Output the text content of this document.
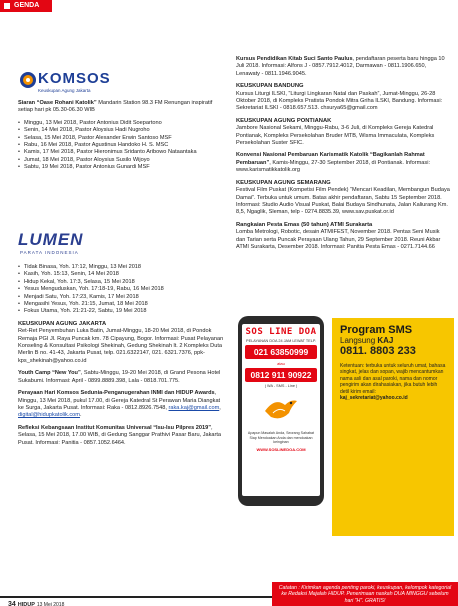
GENDA
KOMSOS
Keuskupan Agung Jakarta
LUMEN
PARATA INDONESIA

Siaran “Oase Rohani Katolik” Mandarin Station 98.3 FM Renungan inspiratif setiap hari pk 05.30-06.30 WIB

• Minggu, 13 Mei 2018, Pastor Antonius Didit Soepartono
• Senin, 14 Mei 2018, Pastor Aloysius Hadi Nugroho
• Selasa, 15 Mei 2018, Pastor Alexander Erwin Santoso MSF
• Rabu, 16 Mei 2018, Pastor Agustinus Handoko H. S. MSC
• Kamis, 17 Mei 2018, Pastor Hieronimus Sridanto Aribowo Nataantaka
• Jumat, 18 Mei 2018, Pastor Aloysius Susilo Wijoyo
• Sabtu, 19 Mei 2018, Pastor Antonius Gunardi MSF
• Tidak Binasa, Yoh. 17:12, Minggu, 13 Mei 2018
• Kasih, Yoh. 15:13, Senin, 14 Mei 2018
• Hidup Kekal, Yoh. 17:3, Selasa, 15 Mei 2018
• Yesus Menguduskan, Yoh. 17:18-19, Rabu, 16 Mei 2018
• Menjadi Satu, Yoh. 17:23, Kamis, 17 Mei 2018
• Mengasihi Yesus, Yoh. 21:15, Jumat, 18 Mei 2018
• Fokus Utama, Yoh. 21:21-22, Sabtu, 19 Mei 2018
KEUSKUPAN AGUNG JAKARTA

Ret-Ret Penyembuhan Luka Batin, Jumat-Minggu, 18-20 Mei 2018, di Pondok Remaja PGI Jl. Raya Puncak km. 78 Cipayung, Bogor. Informasi: Pusat Pelayanan Konseling & Konsultasi Psikologi Shekinah, Gedung Shekinah lt. 2 Kompleks Duta Merlin B no. 41-43, Jakarta Pusat, telp. 021.6322147, 021. 6321.7376, ppk-kps_shekinah@yahoo.co.id

Youth Camp “New You”, Sabtu-Minggu, 19-20 Mei 2018, di Grand Pesona Hotel Sukabumi. Informasi: April - 0899.8889.398, Lala - 0818.701.775.

Perayaan Hari Komsos Sedunia-Penganugerahan INMI dan HIDUP Awards, Minggu, 13 Mei 2018, pukul 17.00, di Gereja Katedral St Perawan Maria Diangkat ke Surga, Jakarta Pusat. Informasi: Raka - 0812.8926.7548, raka.kaj@gmail.com, digital@hidupkatolik.com.

Refleksi Kebangsaan Institut Komunitas Universal “Isu-Isu Pilpres 2019”, Selasa, 15 Mei 2018, 17.00 WIB, di Gedung Sanggar Prathivi Pasar Baru, Jakarta Pusat. Informasi: Panitia - 0857.1052.6464.

Kursus Pendidikan Kitab Suci Santo Paulus, pendaftaran peserta baru hingga 10 Juli 2018. Informasi: Alfons J - 0857.7912.4012, Darmawan - 0811.1906.650, Lenawaty - 0811.1946.9045.

KEUSKUPAN BANDUNG

Kursus Liturgi ILSKI, “Liturgi Lingkaran Natal dan Paskah”, Jumat-Minggu, 26-28 Oktober 2018, di Kompleks Pratista Pondok Mitra Griha ILSKI, Bandung. Informasi: Sekretariat ILSKI - 0818.657.513. chsurya65@gmail.com

KEUSKUPAN AGUNG PONTIANAK

Jambore Nasional Sekami, Minggu-Rabu, 3-6 Juli, di Kompleks Gereja Katedral Pontianak, Kompleks Persekolahan Bruder MTB, Wisma Immaculata, Kompleks Persekolahan Suster SFIC.

Konvensi Nasional Pembaruan Karismatik Katolik “Bagikanlah Rahmat Pembaruan”, Kamis-Minggu, 27-30 September 2018, di Pontianak. Informasi: www.karismatikkatolik.org

KEUSKUPAN AGUNG SEMARANG

Festival Film Puskat (Kompetisi Film Pendek) “Mencari Keadilan, Membangun Budaya Damai”. Terbuka untuk umum. Batas akhir pendaftaran, Sabtu 15 September 2018. Informasi: Studio Audio Visual Puskat, Balai Budaya Sindhunata, Jalan Kaliurang Km. 8,5, Ngaglik, Sleman, telp - 0274.8835.39, www.sav.puskat.or.id

Rangkaian Pesta Emas (50 tahun) ATMI Surakarta

Lomba Metrologi, Robotic, desain ATMIFEST, November 2018. Pentas Seni Musik dan Tarian serta Puncak Perayaan Ulang Tahun, 29 September 2018. Reuni Akbar ATMI Surakarta, Desember 2018. Informasi: Panitia Pesta Emas - 0271.7144.66

SOS LINE DOA
PELAYANAN DOA 24 JAM LEWAT TELP.
021 63850999
atau
0812 911 90922
( WA - SMS - Line )
Apapun Masalah Anda, Seorang Sahabat Siap Mendoakan Anda dan mendoakan keinginan
WWW.SOSLINEDOA.COM
Program SMS
Langsung KAJ
0811. 8803 233
Ketentuan: terbuka untuk seluruh umat, bahasa singkat, jelas dan sopan, wajib mencantumkan nama asli dan asal paroki, nama dan nomor pengirim akan dirahasiakan, jika butuh lebih detil kirim email:
kaj_sekretariat@yahoo.co.id
34 HIDUP 13 Mei 2018
Catatan : Kirimkan agenda penting paroki, keuskupan, kelompok kategorial ke Redaksi Majalah HIDUP. Penerimaan naskah DUA MINGGU sebelum hari "H". GRATIS!
